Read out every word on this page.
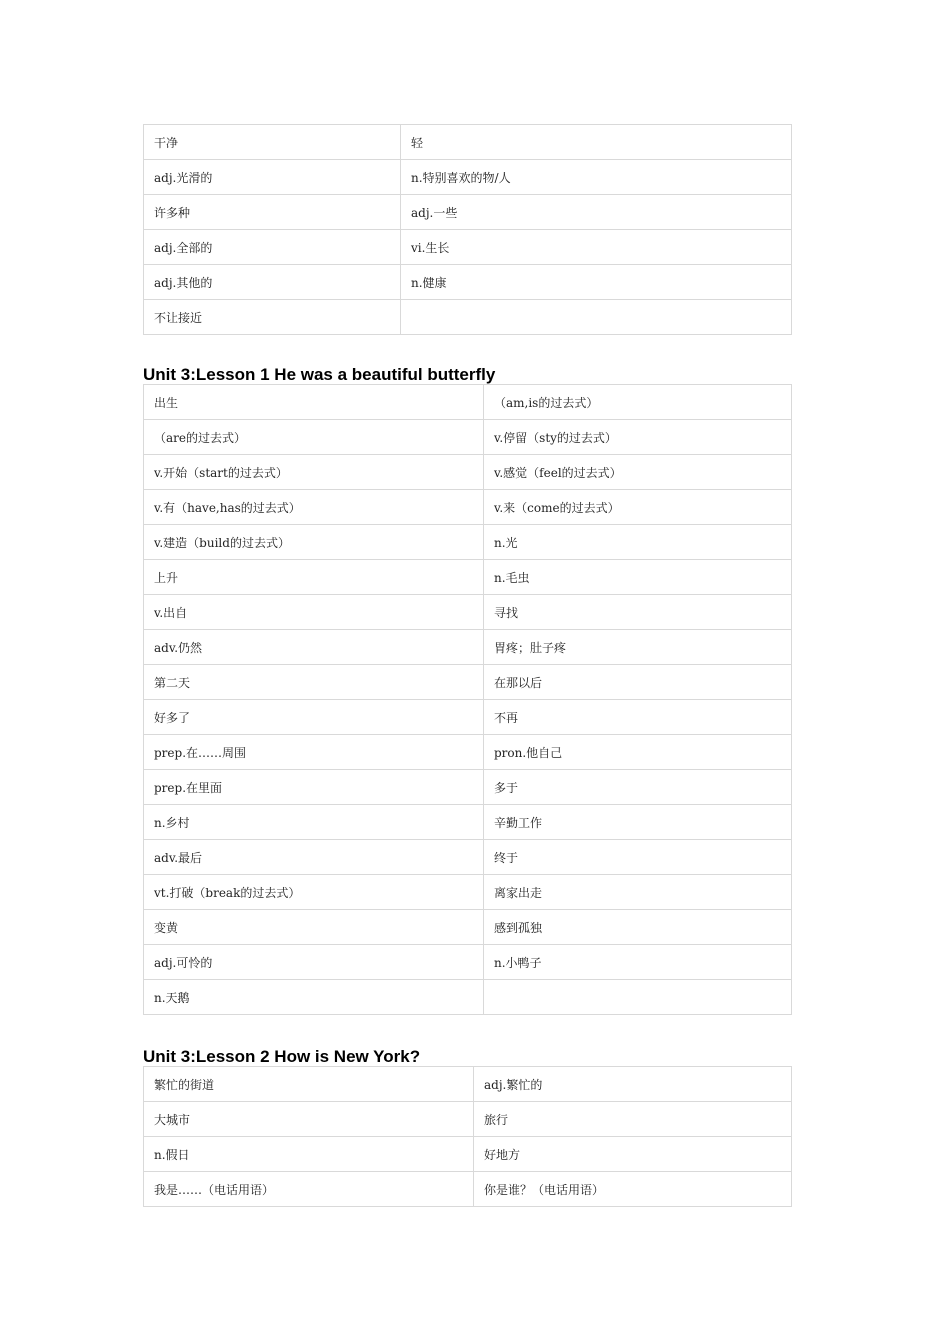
干净	轻
adj.光滑的	n.特别喜欢的物/人
许多种	adj.一些
adj.全部的	vi.生长
adj.其他的	n.健康
不让接近	
Unit 3:Lesson 1 He was a beautiful butterfly
出生	（am,is的过去式）
（are的过去式）	v.停留（sty的过去式）
v.开始（start的过去式）	v.感觉（feel的过去式）
v.有（have,has的过去式）	v.来（come的过去式）
v.建造（build的过去式）	n.光
上升	n.毛虫
v.出自	寻找
adv.仍然	胃疼；肚子疼
第二天	在那以后
好多了	不再
prep.在……周围	pron.他自己
prep.在里面	多于
n.乡村	辛勤工作
adv.最后	终于
vt.打破（break的过去式）	离家出走
变黄	感到孤独
adj.可怜的	n.小鸭子
n.天鹅	
Unit 3:Lesson 2 How is New York?
繁忙的街道	adj.繁忙的
大城市	旅行
n.假日	好地方
我是……（电话用语）	你是谁？（电话用语）
